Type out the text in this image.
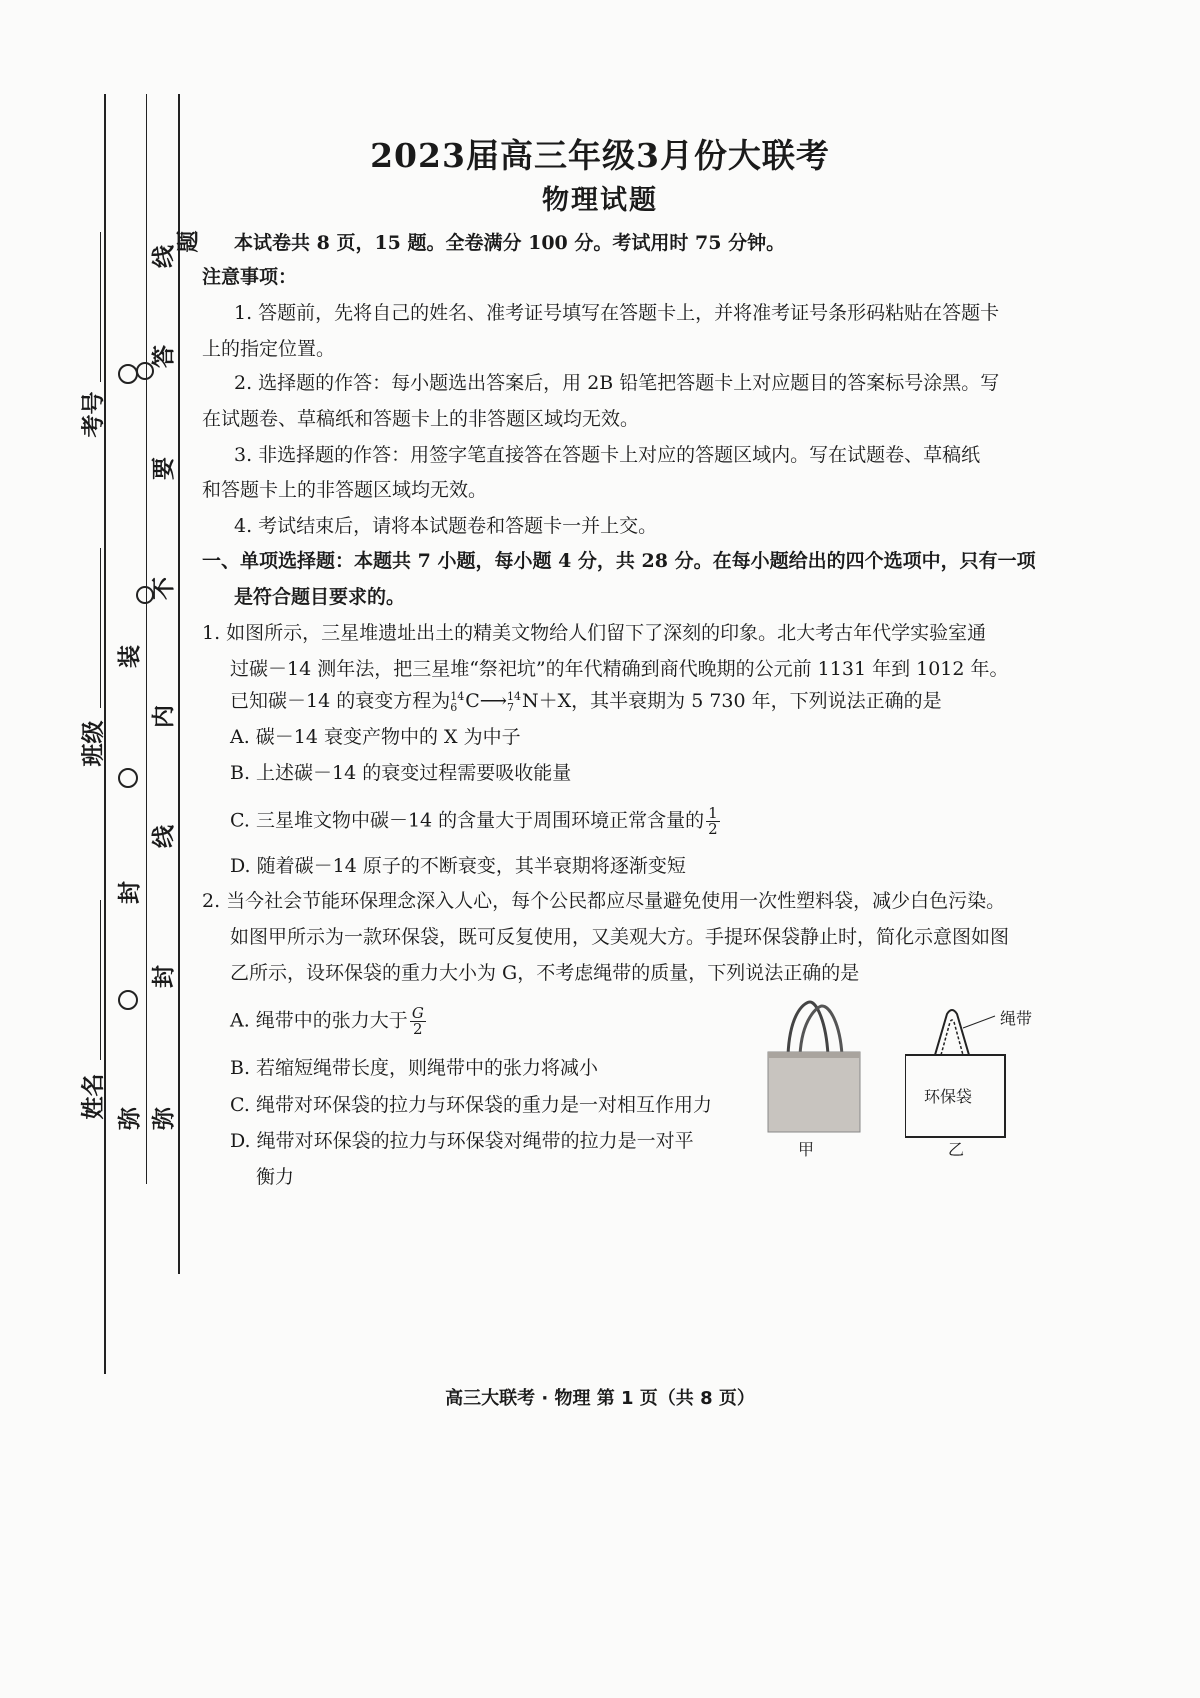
考号
班级
姓名
装
封
弥
线
题
答
要
不
内
线
封
弥
2023届高三年级3月份大联考
物理试题
本试卷共 8 页，15 题。全卷满分 100 分。考试用时 75 分钟。
注意事项：
1. 答题前，先将自己的姓名、准考证号填写在答题卡上，并将准考证号条形码粘贴在答题卡
上的指定位置。
2. 选择题的作答：每小题选出答案后，用 2B 铅笔把答题卡上对应题目的答案标号涂黑。写
在试题卷、草稿纸和答题卡上的非答题区域均无效。
3. 非选择题的作答：用签字笔直接答在答题卡上对应的答题区域内。写在试题卷、草稿纸
和答题卡上的非答题区域均无效。
4. 考试结束后，请将本试题卷和答题卡一并上交。
一、单项选择题：本题共 7 小题，每小题 4 分，共 28 分。在每小题给出的四个选项中，只有一项
是符合题目要求的。
1. 如图所示，三星堆遗址出土的精美文物给人们留下了深刻的印象。北大考古年代学实验室通
过碳－14 测年法，把三星堆“祭祀坑”的年代精确到商代晚期的公元前 1131 年到 1012 年。
已知碳－14 的衰变方程为 14
6 C⟶ 14
7 N＋X，其半衰期为 5 730 年，下列说法正确的是
A. 碳－14 衰变产物中的 X 为中子
B. 上述碳－14 的衰变过程需要吸收能量
C. 三星堆文物中碳－14 的含量大于周围环境正常含量的 $\frac{1}{2}$
D. 随着碳－14 原子的不断衰变，其半衰期将逐渐变短
2. 当今社会节能环保理念深入人心，每个公民都应尽量避免使用一次性塑料袋，减少白色污染。
如图甲所示为一款环保袋，既可反复使用，又美观大方。手提环保袋静止时，简化示意图如图
乙所示，设环保袋的重力大小为 G，不考虑绳带的质量，下列说法正确的是
A. 绳带中的张力大于 $\frac{G}{2}$
B. 若缩短绳带长度，则绳带中的张力将减小
C. 绳带对环保袋的拉力与环保袋的重力是一对相互作用力
D. 绳带对环保袋的拉力与环保袋对绳带的拉力是一对平
衡力
甲
绳带
环保袋
乙
高三大联考 · 物理 第 1 页（共 8 页）
